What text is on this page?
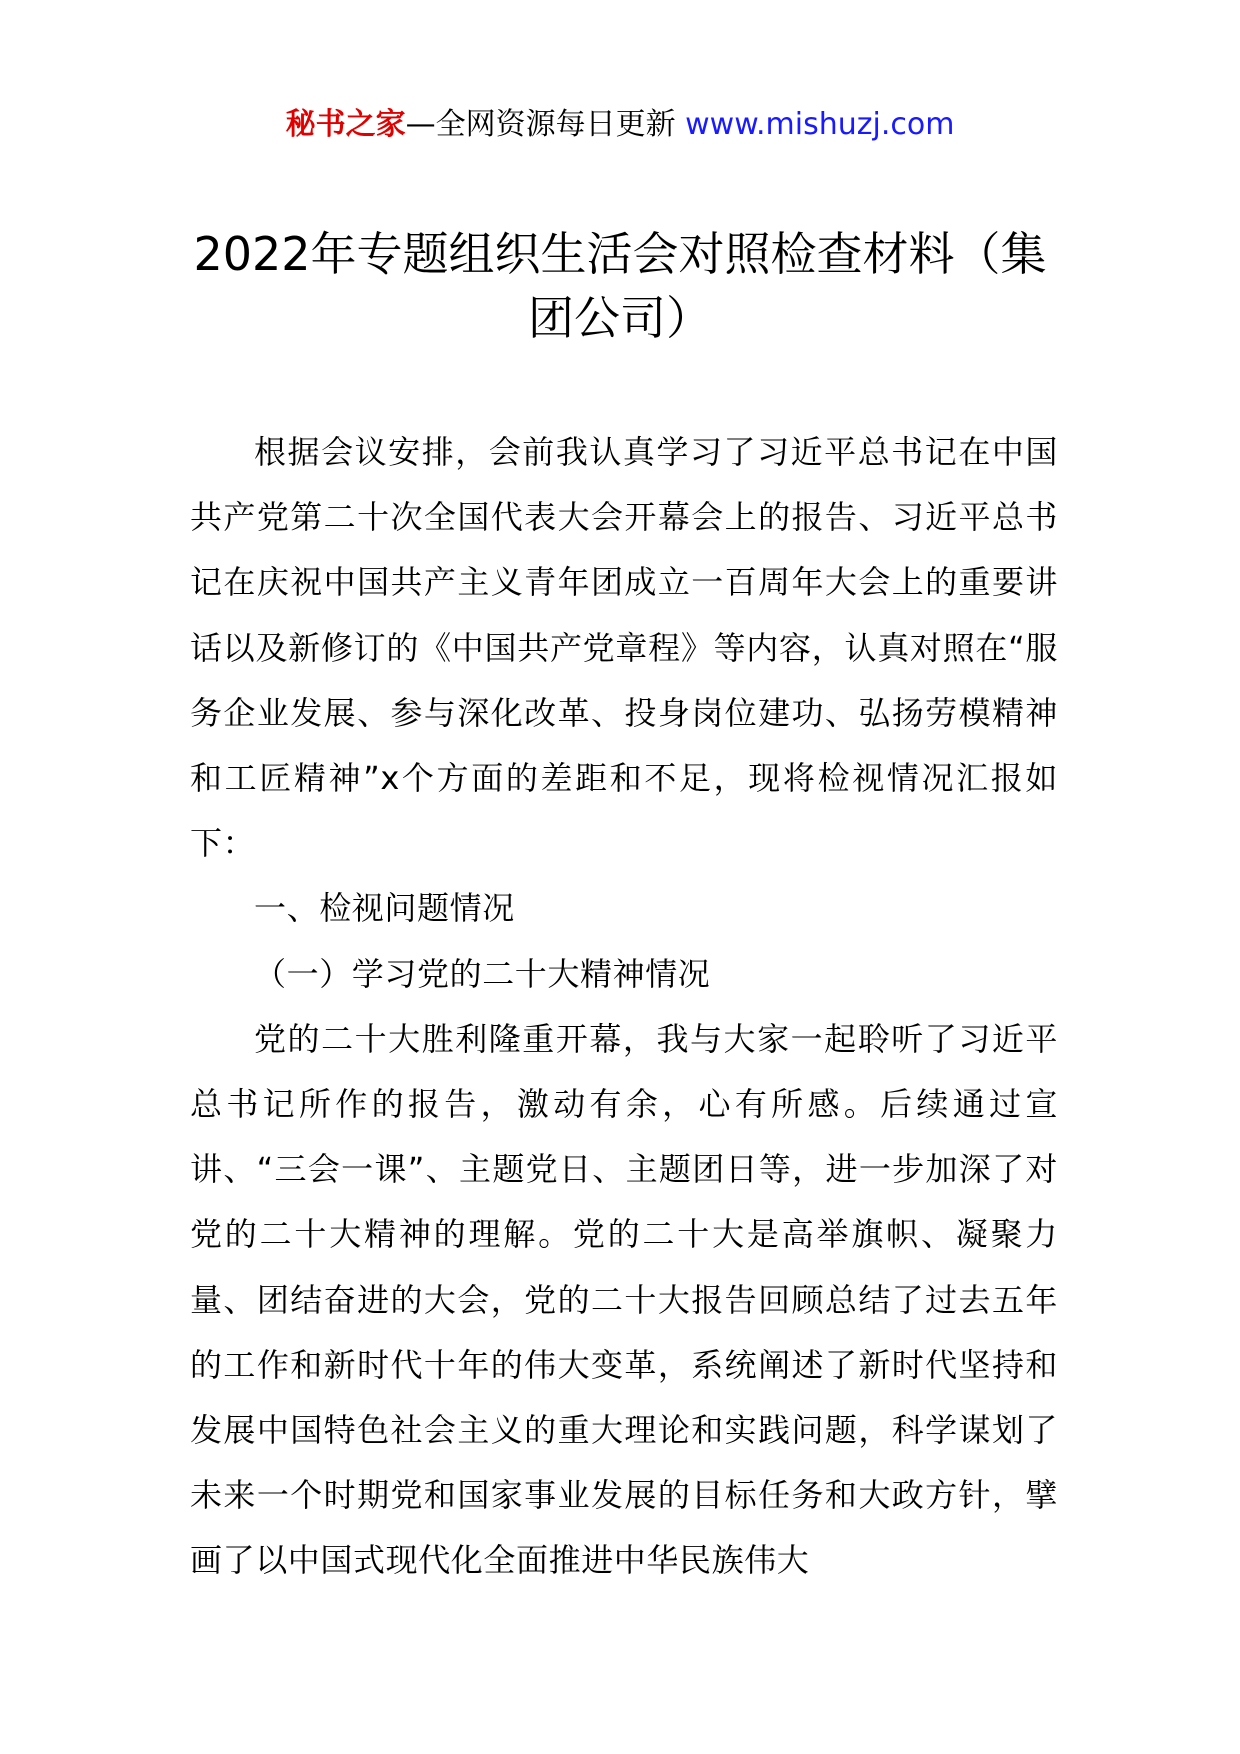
秘书之家—全网资源每日更新 www.mishuzj.com
2022年专题组织生活会对照检查材料（集团公司）

根据会议安排，会前我认真学习了习近平总书记在中国共产党第二十次全国代表大会开幕会上的报告、习近平总书记在庆祝中国共产主义青年团成立一百周年大会上的重要讲话以及新修订的《中国共产党章程》等内容，认真对照在“服务企业发展、参与深化改革、投身岗位建功、弘扬劳模精神和工匠精神”x个方面的差距和不足，现将检视情况汇报如下：

一、检视问题情况

（一）学习党的二十大精神情况

党的二十大胜利隆重开幕，我与大家一起聆听了习近平总书记所作的报告，激动有余，心有所感。后续通过宣讲、“三会一课”、主题党日、主题团日等，进一步加深了对党的二十大精神的理解。党的二十大是高举旗帜、凝聚力量、团结奋进的大会，党的二十大报告回顾总结了过去五年的工作和新时代十年的伟大变革，系统阐述了新时代坚持和发展中国特色社会主义的重大理论和实践问题，科学谋划了未来一个时期党和国家事业发展的目标任务和大政方针，擘画了以中国式现代化全面推进中华民族伟大
